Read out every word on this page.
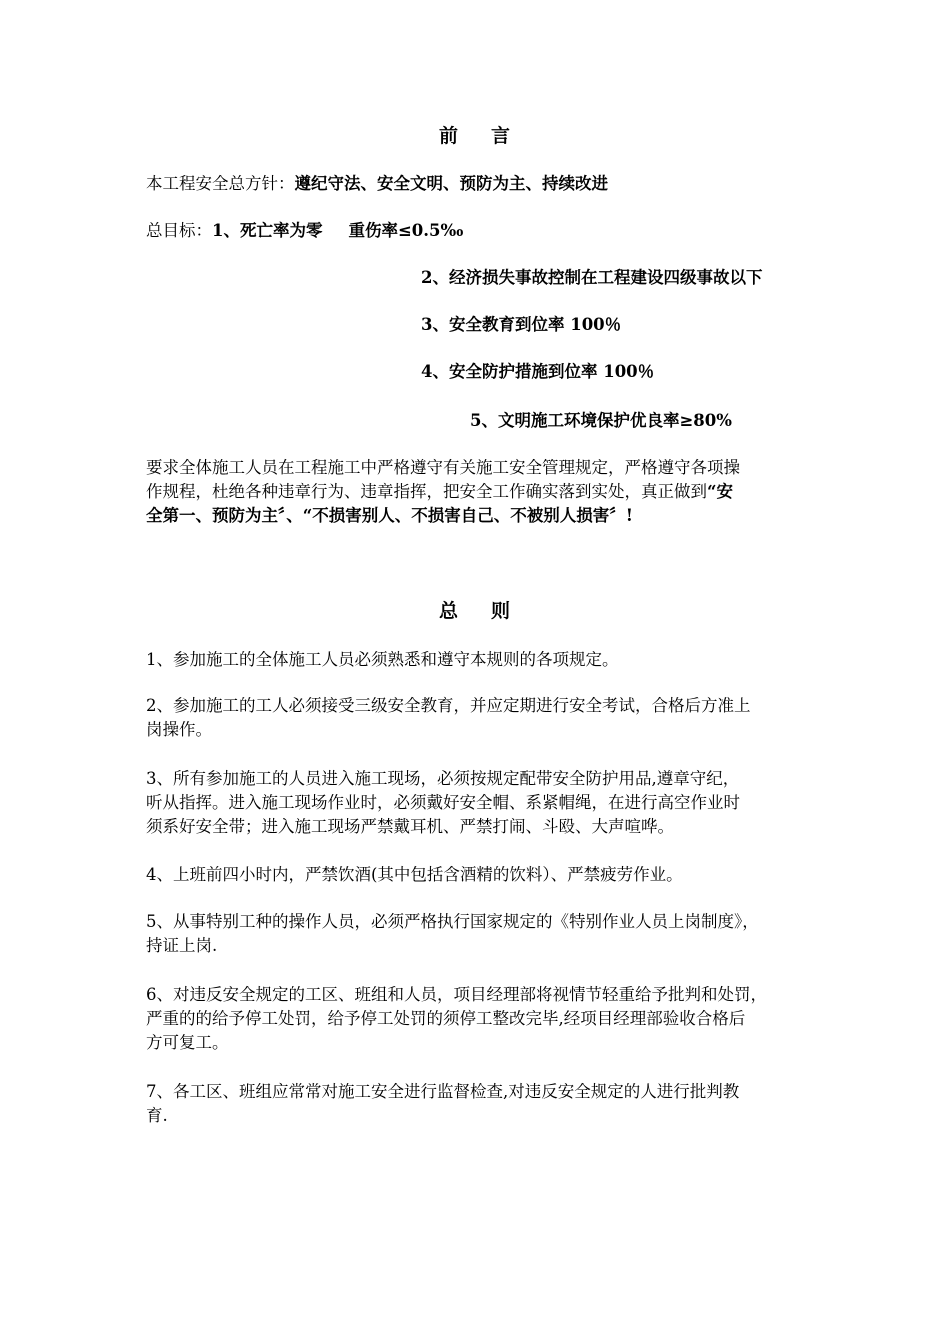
前 言
本工程安全总方针：遵纪守法、安全文明、预防为主、持续改进
总目标：1、死亡率为零 重伤率≤0.5‰
2、经济损失事故控制在工程建设四级事故以下
3、安全教育到位率 100％
4、安全防护措施到位率 100％
5、文明施工环境保护优良率≥80%
要求全体施工人员在工程施工中严格遵守有关施工安全管理规定，严格遵守各项操
作规程，杜绝各种违章行为、违章指挥，把安全工作确实落到实处，真正做到“安
全第一、预防为主〞、“不损害别人、不损害自己、不被别人损害〞!
总 则
1、参加施工的全体施工人员必须熟悉和遵守本规则的各项规定。
2、参加施工的工人必须接受三级安全教育，并应定期进行安全考试，合格后方准上
岗操作。
3、所有参加施工的人员进入施工现场，必须按规定配带安全防护用品,遵章守纪，
听从指挥。进入施工现场作业时，必须戴好安全帽、系紧帽绳，在进行高空作业时
须系好安全带；进入施工现场严禁戴耳机、严禁打闹、斗殴、大声喧哗。
4、上班前四小时内，严禁饮酒(其中包括含酒精的饮料）、严禁疲劳作业。
5、从事特别工种的操作人员，必须严格执行国家规定的《特别作业人员上岗制度》，
持证上岗.
6、对违反安全规定的工区、班组和人员，项目经理部将视情节轻重给予批判和处罚，
严重的的给予停工处罚，给予停工处罚的须停工整改完毕,经项目经理部验收合格后
方可复工。
7、各工区、班组应常常对施工安全进行监督检查,对违反安全规定的人进行批判教
育.
